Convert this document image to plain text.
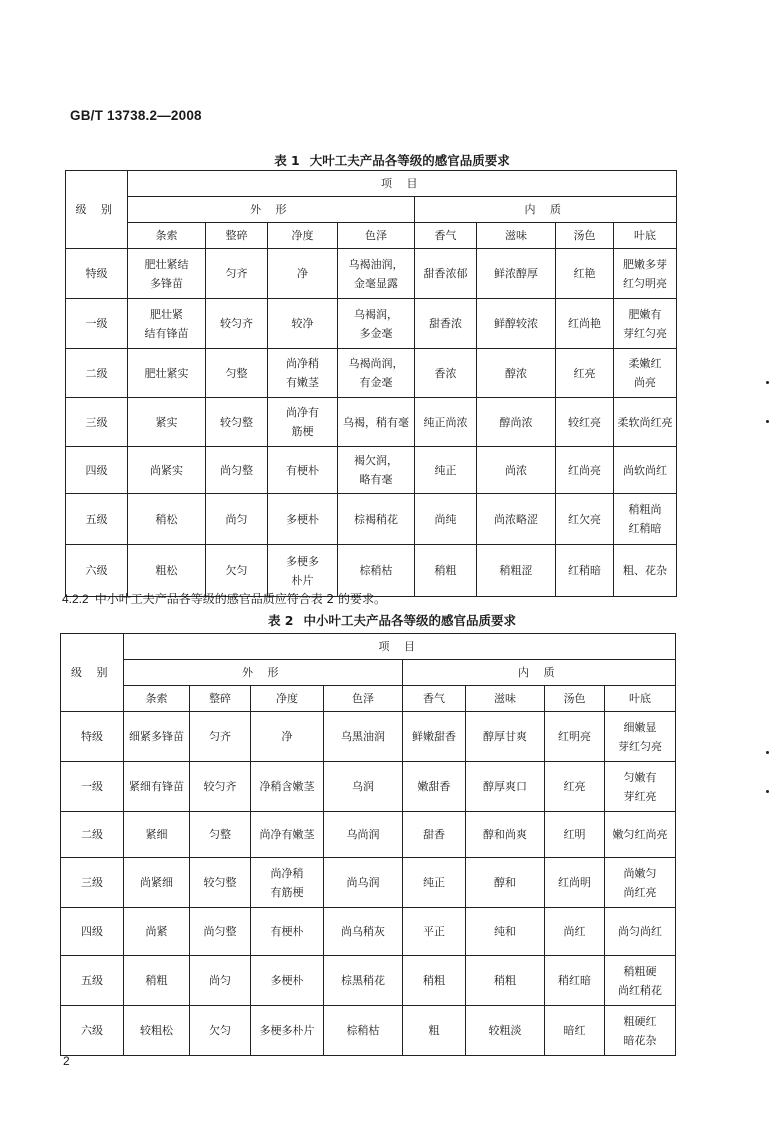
GB/T 13738.2—2008
表 1 大叶工夫产品各等级的感官品质要求
级 别	项 目							
	外 形				内 质			
	条索	整碎	净度	色泽	香气	滋味	汤色	叶底
特级	肥壮紧结
多锋苗	匀齐	净	乌褐油润，
金毫显露	甜香浓郁	鲜浓醇厚	红艳	肥嫩多芽
红匀明亮
一级	肥壮紧
结有锋苗	较匀齐	较净	乌褐润，
多金毫	甜香浓	鲜醇较浓	红尚艳	肥嫩有
芽红匀亮
二级	肥壮紧实	匀整	尚净稍
有嫩茎	乌褐尚润，
有金毫	香浓	醇浓	红亮	柔嫩红
尚亮
三级	紧实	较匀整	尚净有
筋梗	乌褐，稍有毫	纯正尚浓	醇尚浓	较红亮	柔软尚红亮
四级	尚紧实	尚匀整	有梗朴	褐欠润，
略有毫	纯正	尚浓	红尚亮	尚软尚红
五级	稍松	尚匀	多梗朴	棕褐稍花	尚纯	尚浓略涩	红欠亮	稍粗尚
红稍暗
六级	粗松	欠匀	多梗多
朴片	棕稍枯	稍粗	稍粗涩	红稍暗	粗、花杂
4.2.2 中小叶工夫产品各等级的感官品质应符合表 2 的要求。
表 2 中小叶工夫产品各等级的感官品质要求
级 别	项 目							
	外 形				内 质			
	条索	整碎	净度	色泽	香气	滋味	汤色	叶底
特级	细紧多锋苗	匀齐	净	乌黑油润	鲜嫩甜香	醇厚甘爽	红明亮	细嫩显
芽红匀亮
一级	紧细有锋苗	较匀齐	净稍含嫩茎	乌润	嫩甜香	醇厚爽口	红亮	匀嫩有
芽红亮
二级	紧细	匀整	尚净有嫩茎	乌尚润	甜香	醇和尚爽	红明	嫩匀红尚亮
三级	尚紧细	较匀整	尚净稍
有筋梗	尚乌润	纯正	醇和	红尚明	尚嫩匀
尚红亮
四级	尚紧	尚匀整	有梗朴	尚乌稍灰	平正	纯和	尚红	尚匀尚红
五级	稍粗	尚匀	多梗朴	棕黑稍花	稍粗	稍粗	稍红暗	稍粗硬
尚红稍花
六级	较粗松	欠匀	多梗多朴片	棕稍枯	粗	较粗淡	暗红	粗硬红
暗花杂
2
